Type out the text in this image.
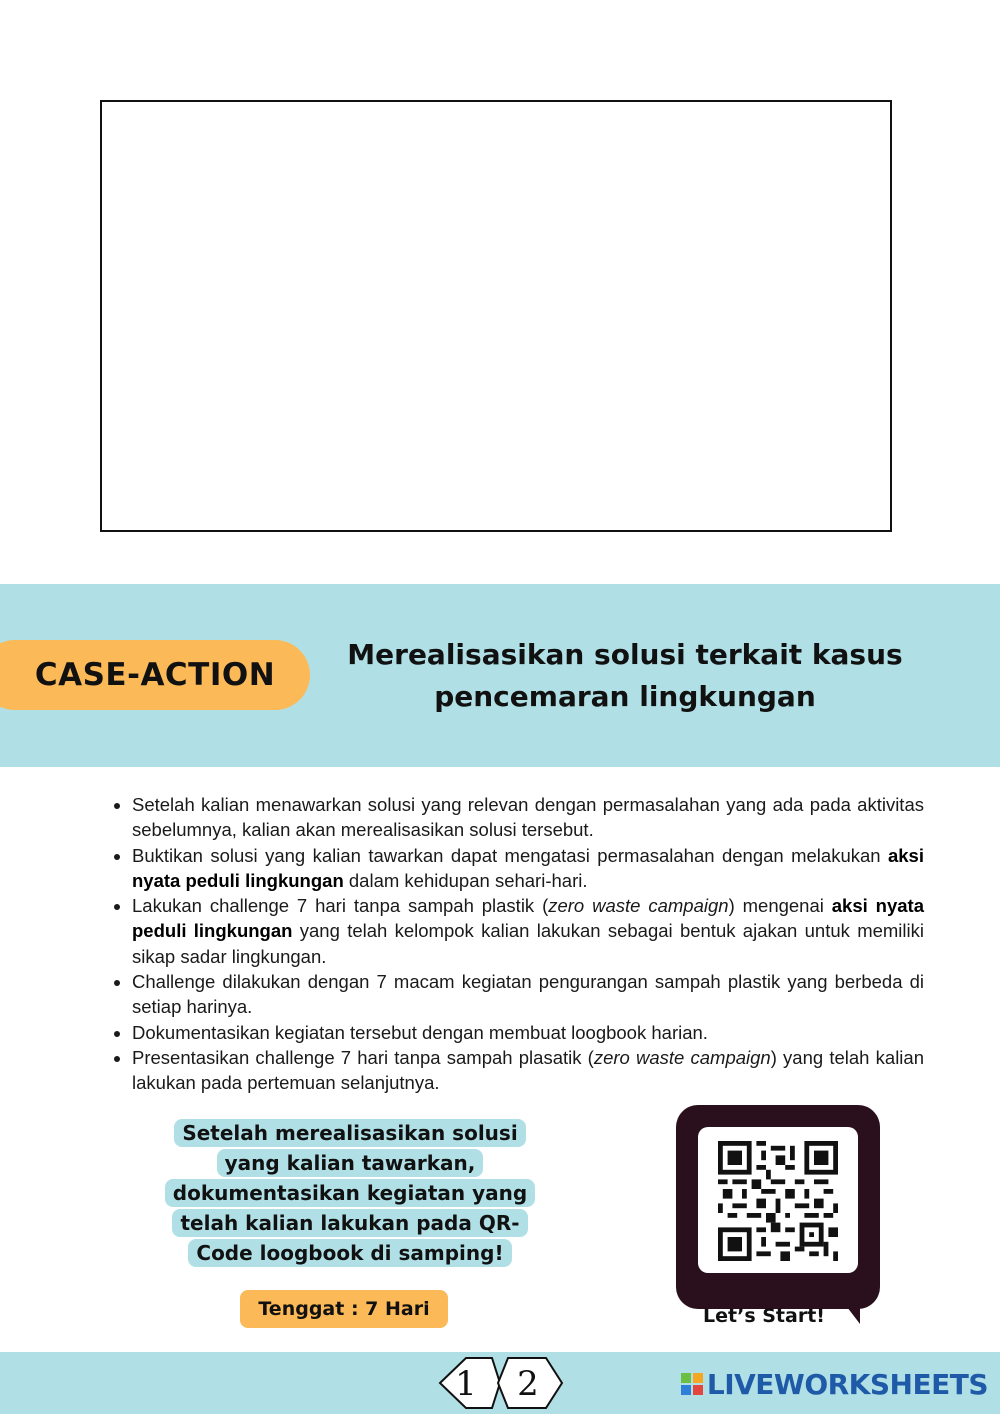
CASE-ACTION
Merealisasikan solusi terkait kasus
pencemaran lingkungan
• Setelah kalian menawarkan solusi yang relevan dengan permasalahan yang ada pada aktivitas sebelumnya, kalian akan merealisasikan solusi tersebut.
• Buktikan solusi yang kalian tawarkan dapat mengatasi permasalahan dengan melakukan aksi nyata peduli lingkungan dalam kehidupan sehari-hari.
• Lakukan challenge 7 hari tanpa sampah plastik (zero waste campaign) mengenai aksi nyata peduli lingkungan yang telah kelompok kalian lakukan sebagai bentuk ajakan untuk memiliki sikap sadar lingkungan.
• Challenge dilakukan dengan 7 macam kegiatan pengurangan sampah plastik yang berbeda di setiap harinya.
• Dokumentasikan kegiatan tersebut dengan membuat loogbook harian.
• Presentasikan challenge 7 hari tanpa sampah plasatik (zero waste campaign) yang telah kalian lakukan pada pertemuan selanjutnya.
Setelah merealisasikan solusi yang kalian tawarkan, dokumentasikan kegiatan yang telah kalian lakukan pada QR-Code loogbook di samping!
Tenggat : 7 Hari	Let’s Start!
1 2	LIVEWORKSHEETS
